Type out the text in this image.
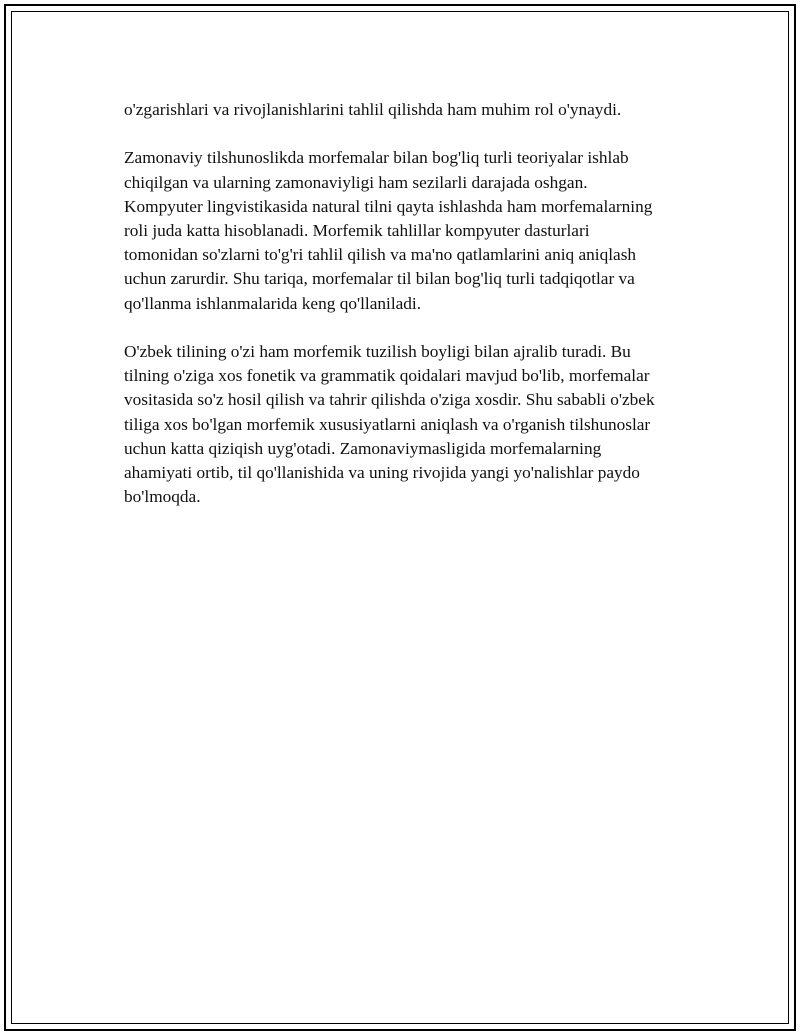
o'zgarishlari va rivojlanishlarini tahlil qilishda ham muhim rol o'ynaydi.

Zamonaviy tilshunoslikda morfemalar bilan bog'liq turli teoriyalar ishlab
chiqilgan va ularning zamonaviyligi ham sezilarli darajada oshgan.
Kompyuter lingvistikasida natural tilni qayta ishlashda ham morfemalarning
roli juda katta hisoblanadi. Morfemik tahlillar kompyuter dasturlari
tomonidan so'zlarni to'g'ri tahlil qilish va ma'no qatlamlarini aniq aniqlash
uchun zarurdir. Shu tariqa, morfemalar til bilan bog'liq turli tadqiqotlar va
qo'llanma ishlanmalarida keng qo'llaniladi.

O'zbek tilining o'zi ham morfemik tuzilish boyligi bilan ajralib turadi. Bu
tilning o'ziga xos fonetik va grammatik qoidalari mavjud bo'lib, morfemalar
vositasida so'z hosil qilish va tahrir qilishda o'ziga xosdir. Shu sababli o'zbek
tiliga xos bo'lgan morfemik xususiyatlarni aniqlash va o'rganish tilshunoslar
uchun katta qiziqish uyg'otadi. Zamonaviymasligida morfemalarning
ahamiyati ortib, til qo'llanishida va uning rivojida yangi yo'nalishlar paydo
bo'lmoqda.
